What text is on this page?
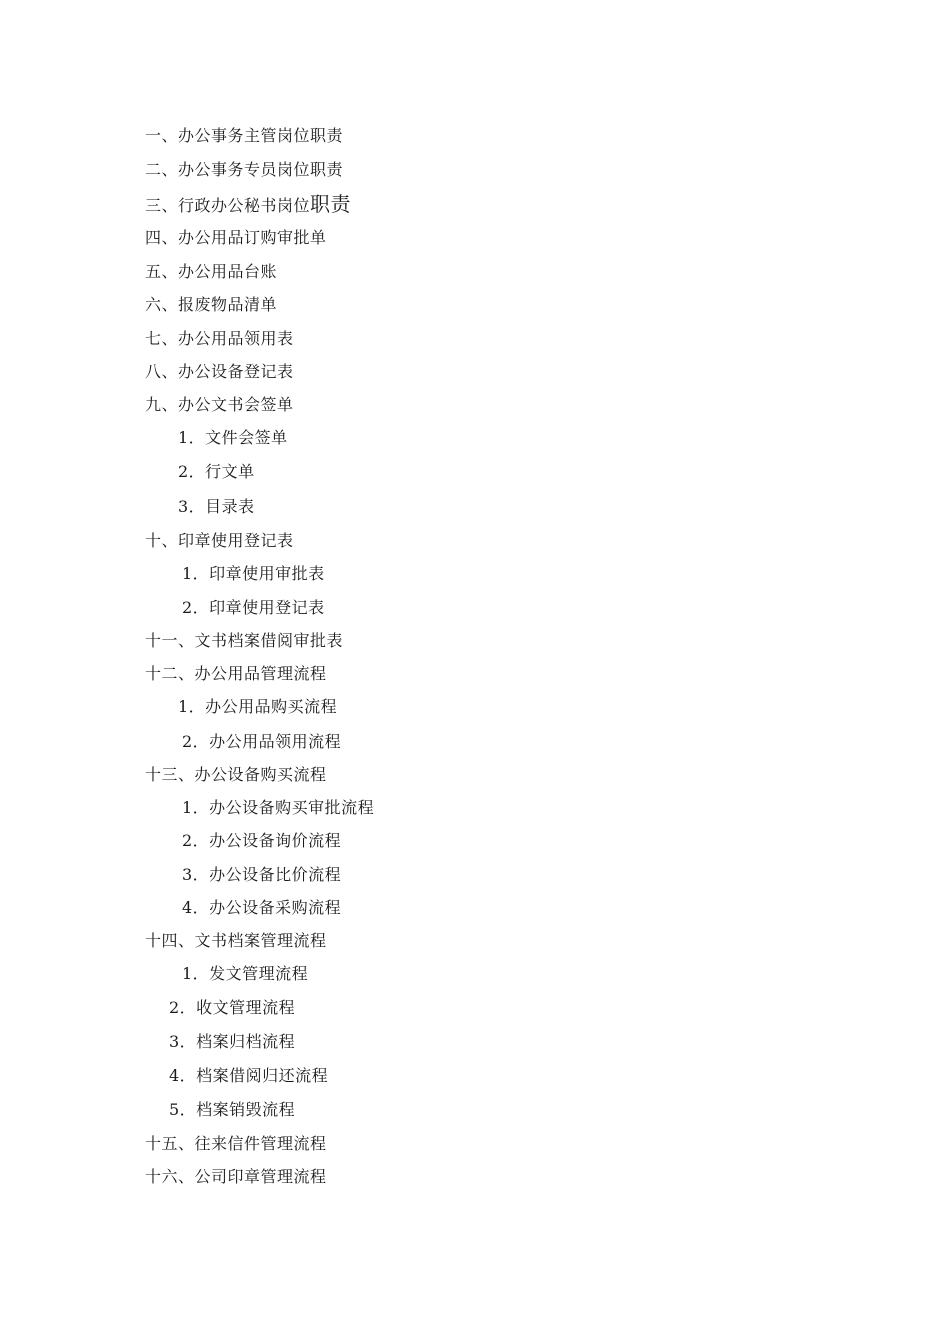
一、办公事务主管岗位职责
二、办公事务专员岗位职责
三、行政办公秘书岗位职责
四、办公用品订购审批单
五、办公用品台账
六、报废物品清单
七、办公用品领用表
八、办公设备登记表
九、办公文书会签单
1．文件会签单
2．行文单
3．目录表
十、印章使用登记表
1．印章使用审批表
2．印章使用登记表
十一、文书档案借阅审批表
十二、办公用品管理流程
1．办公用品购买流程
2．办公用品领用流程
十三、办公设备购买流程
1．办公设备购买审批流程
2．办公设备询价流程
3．办公设备比价流程
4．办公设备采购流程
十四、文书档案管理流程
1．发文管理流程
2．收文管理流程
3．档案归档流程
4．档案借阅归还流程
5．档案销毁流程
十五、往来信件管理流程
十六、公司印章管理流程
